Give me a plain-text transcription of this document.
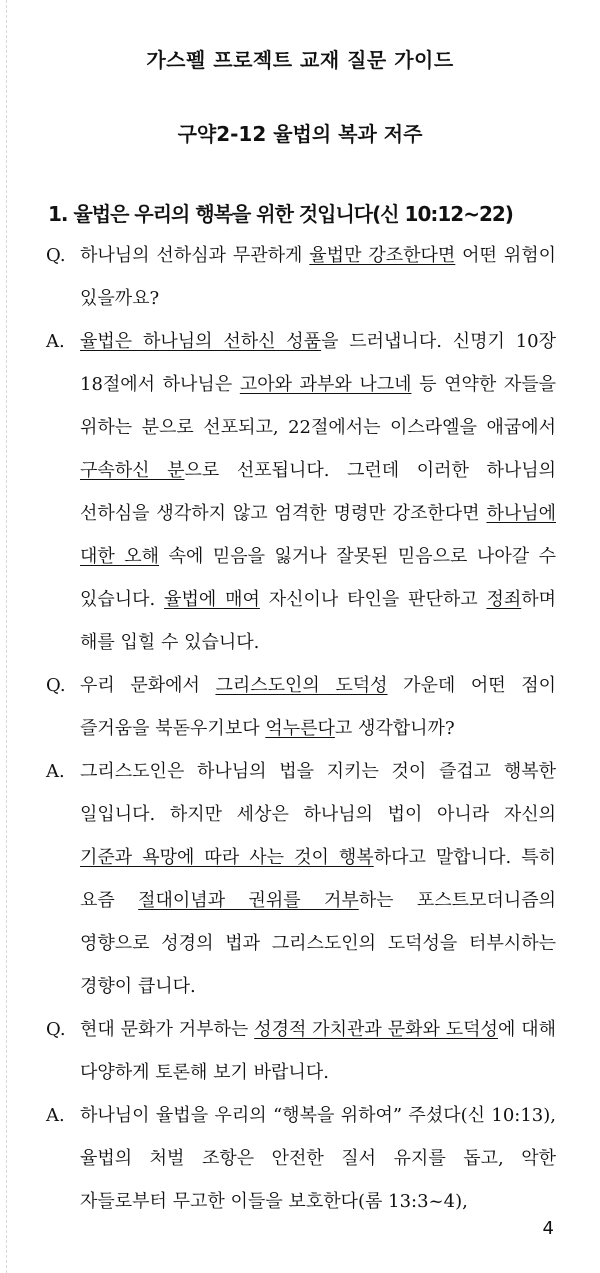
가스펠 프로젝트 교재 질문 가이드
구약2-12 율법의 복과 저주
1. 율법은 우리의 행복을 위한 것입니다(신 10:12~22)
Q. 하나님의 선하심과 무관하게 율법만 강조한다면 어떤 위험이 있을까요?
A. 율법은 하나님의 선하신 성품을 드러냅니다. 신명기 10장 18절에서 하나님은 고아와 과부와 나그네 등 연약한 자들을 위하는 분으로 선포되고, 22절에서는 이스라엘을 애굽에서 구속하신 분으로 선포됩니다. 그런데 이러한 하나님의 선하심을 생각하지 않고 엄격한 명령만 강조한다면 하나님에 대한 오해 속에 믿음을 잃거나 잘못된 믿음으로 나아갈 수 있습니다. 율법에 매여 자신이나 타인을 판단하고 정죄하며 해를 입힐 수 있습니다.
Q. 우리 문화에서 그리스도인의 도덕성 가운데 어떤 점이 즐거움을 북돋우기보다 억누른다고 생각합니까?
A. 그리스도인은 하나님의 법을 지키는 것이 즐겁고 행복한 일입니다. 하지만 세상은 하나님의 법이 아니라 자신의 기준과 욕망에 따라 사는 것이 행복하다고 말합니다. 특히 요즘 절대이념과 권위를 거부하는 포스트모더니즘의 영향으로 성경의 법과 그리스도인의 도덕성을 터부시하는 경향이 큽니다.
Q. 현대 문화가 거부하는 성경적 가치관과 문화와 도덕성에 대해 다양하게 토론해 보기 바랍니다.
A. 하나님이 율법을 우리의 “행복을 위하여” 주셨다(신 10:13), 율법의 처벌 조항은 안전한 질서 유지를 돕고, 악한 자들로부터 무고한 이들을 보호한다(롬 13:3~4),
4
